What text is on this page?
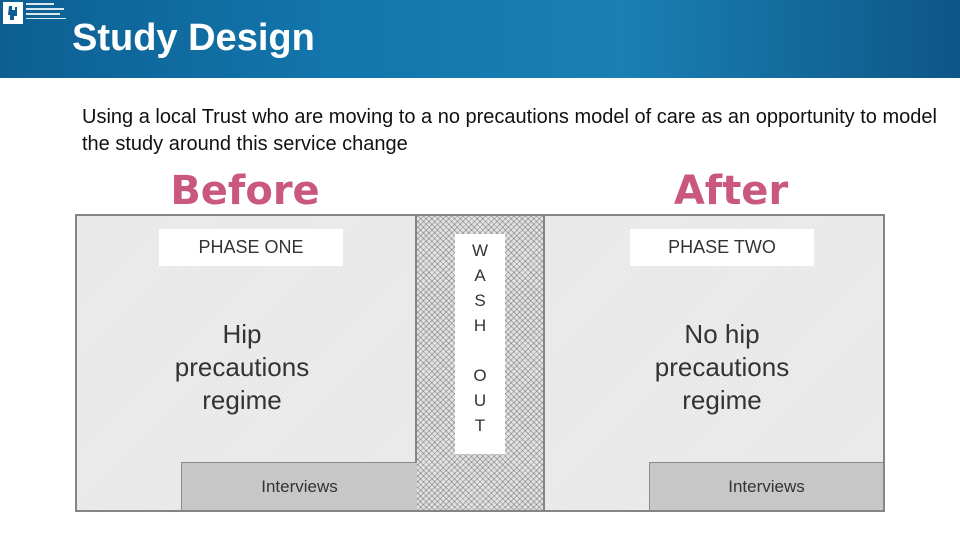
Study Design
Using a local Trust who are moving to a no precautions model of care as an opportunity to model the study around this service change
Before	After
PHASE ONE
Hip
precautions
regime
Interviews
W
A
S
H
O
U
T
PHASE TWO
No hip
precautions
regime
Interviews
